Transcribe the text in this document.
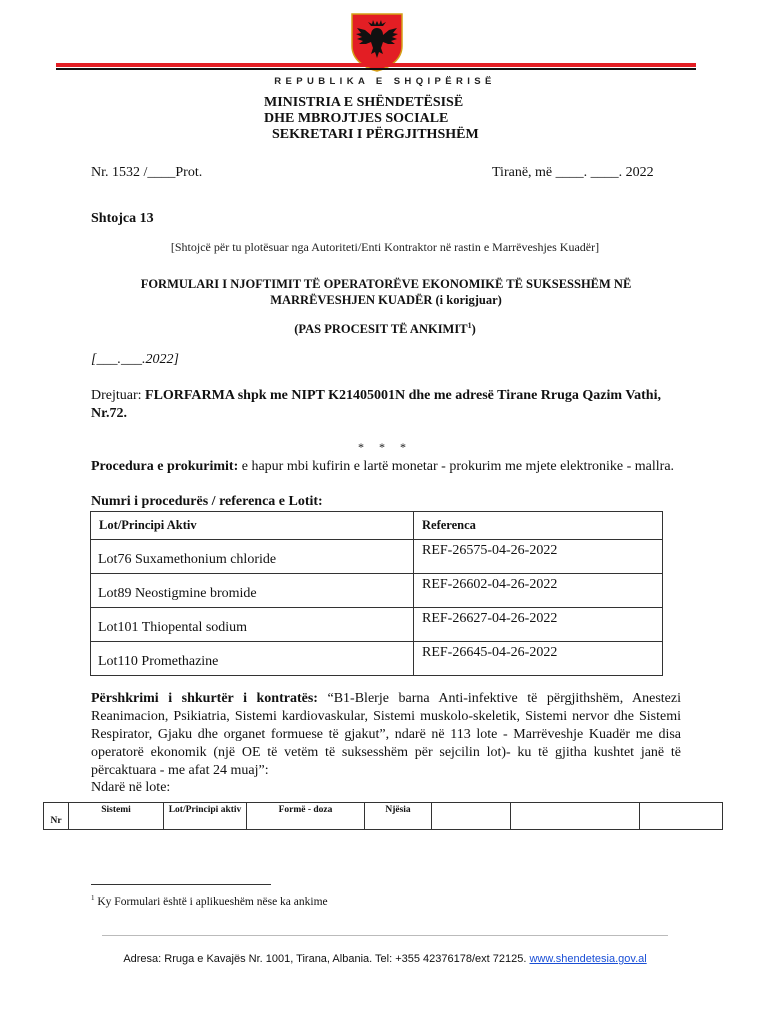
REPUBLIKA E SHQIPËRISË
MINISTRIA E SHËNDETËSISË
DHE MBROJTJES SOCIALE
SEKRETARI I PËRGJITHSHËM
Nr. 1532 /____Prot.	Tiranë, më ____. ____. 2022
Shtojca 13
[Shtojcë për tu plotësuar nga Autoriteti/Enti Kontraktor në rastin e Marrëveshjes Kuadër]
FORMULARI I NJOFTIMIT TË OPERATORËVE EKONOMIKË TË SUKSESSHËM NË MARRËVESHJEN KUADËR (i korigjuar)
(PAS PROCESIT TË ANKIMIT$^1$)
[___.___.2022]
Drejtuar: FLORFARMA shpk me NIPT K21405001N dhe me adresë Tirane Rruga Qazim Vathi, Nr.72.
* * *
Procedura e prokurimit: e hapur mbi kufirin e lartë monetar - prokurim me mjete elektronike - mallra.
Numri i procedurës / referenca e Lotit:
Lot/Principi Aktiv	Referenca
Lot76 Suxamethonium chloride	REF-26575-04-26-2022
Lot89 Neostigmine bromide	REF-26602-04-26-2022
Lot101 Thiopental sodium	REF-26627-04-26-2022
Lot110 Promethazine	REF-26645-04-26-2022
Përshkrimi i shkurtër i kontratës: “B1-Blerje barna Anti-infektive të përgjithshëm, Anestezi Reanimacion, Psikiatria, Sistemi kardiovaskular, Sistemi muskolo-skeletik, Sistemi nervor dhe Sistemi Respirator, Gjaku dhe organet formuese të gjakut”, ndarë në 113 lote - Marrëveshje Kuadër me disa operatorë ekonomik (një OE të vetëm të suksesshëm për sejcilin lot)- ku të gjitha kushtet janë të përcaktuara - me afat 24 muaj”:
Ndarë në lote:
Nr	Sistemi	Lot/Principi aktiv	Formë - doza	Njësia			
$^1$ Ky Formulari është i aplikueshëm nëse ka ankime
Adresa: Rruga e Kavajës Nr. 1001, Tirana, Albania. Tel: +355 42376178/ext 72125. www.shendetesia.gov.al
